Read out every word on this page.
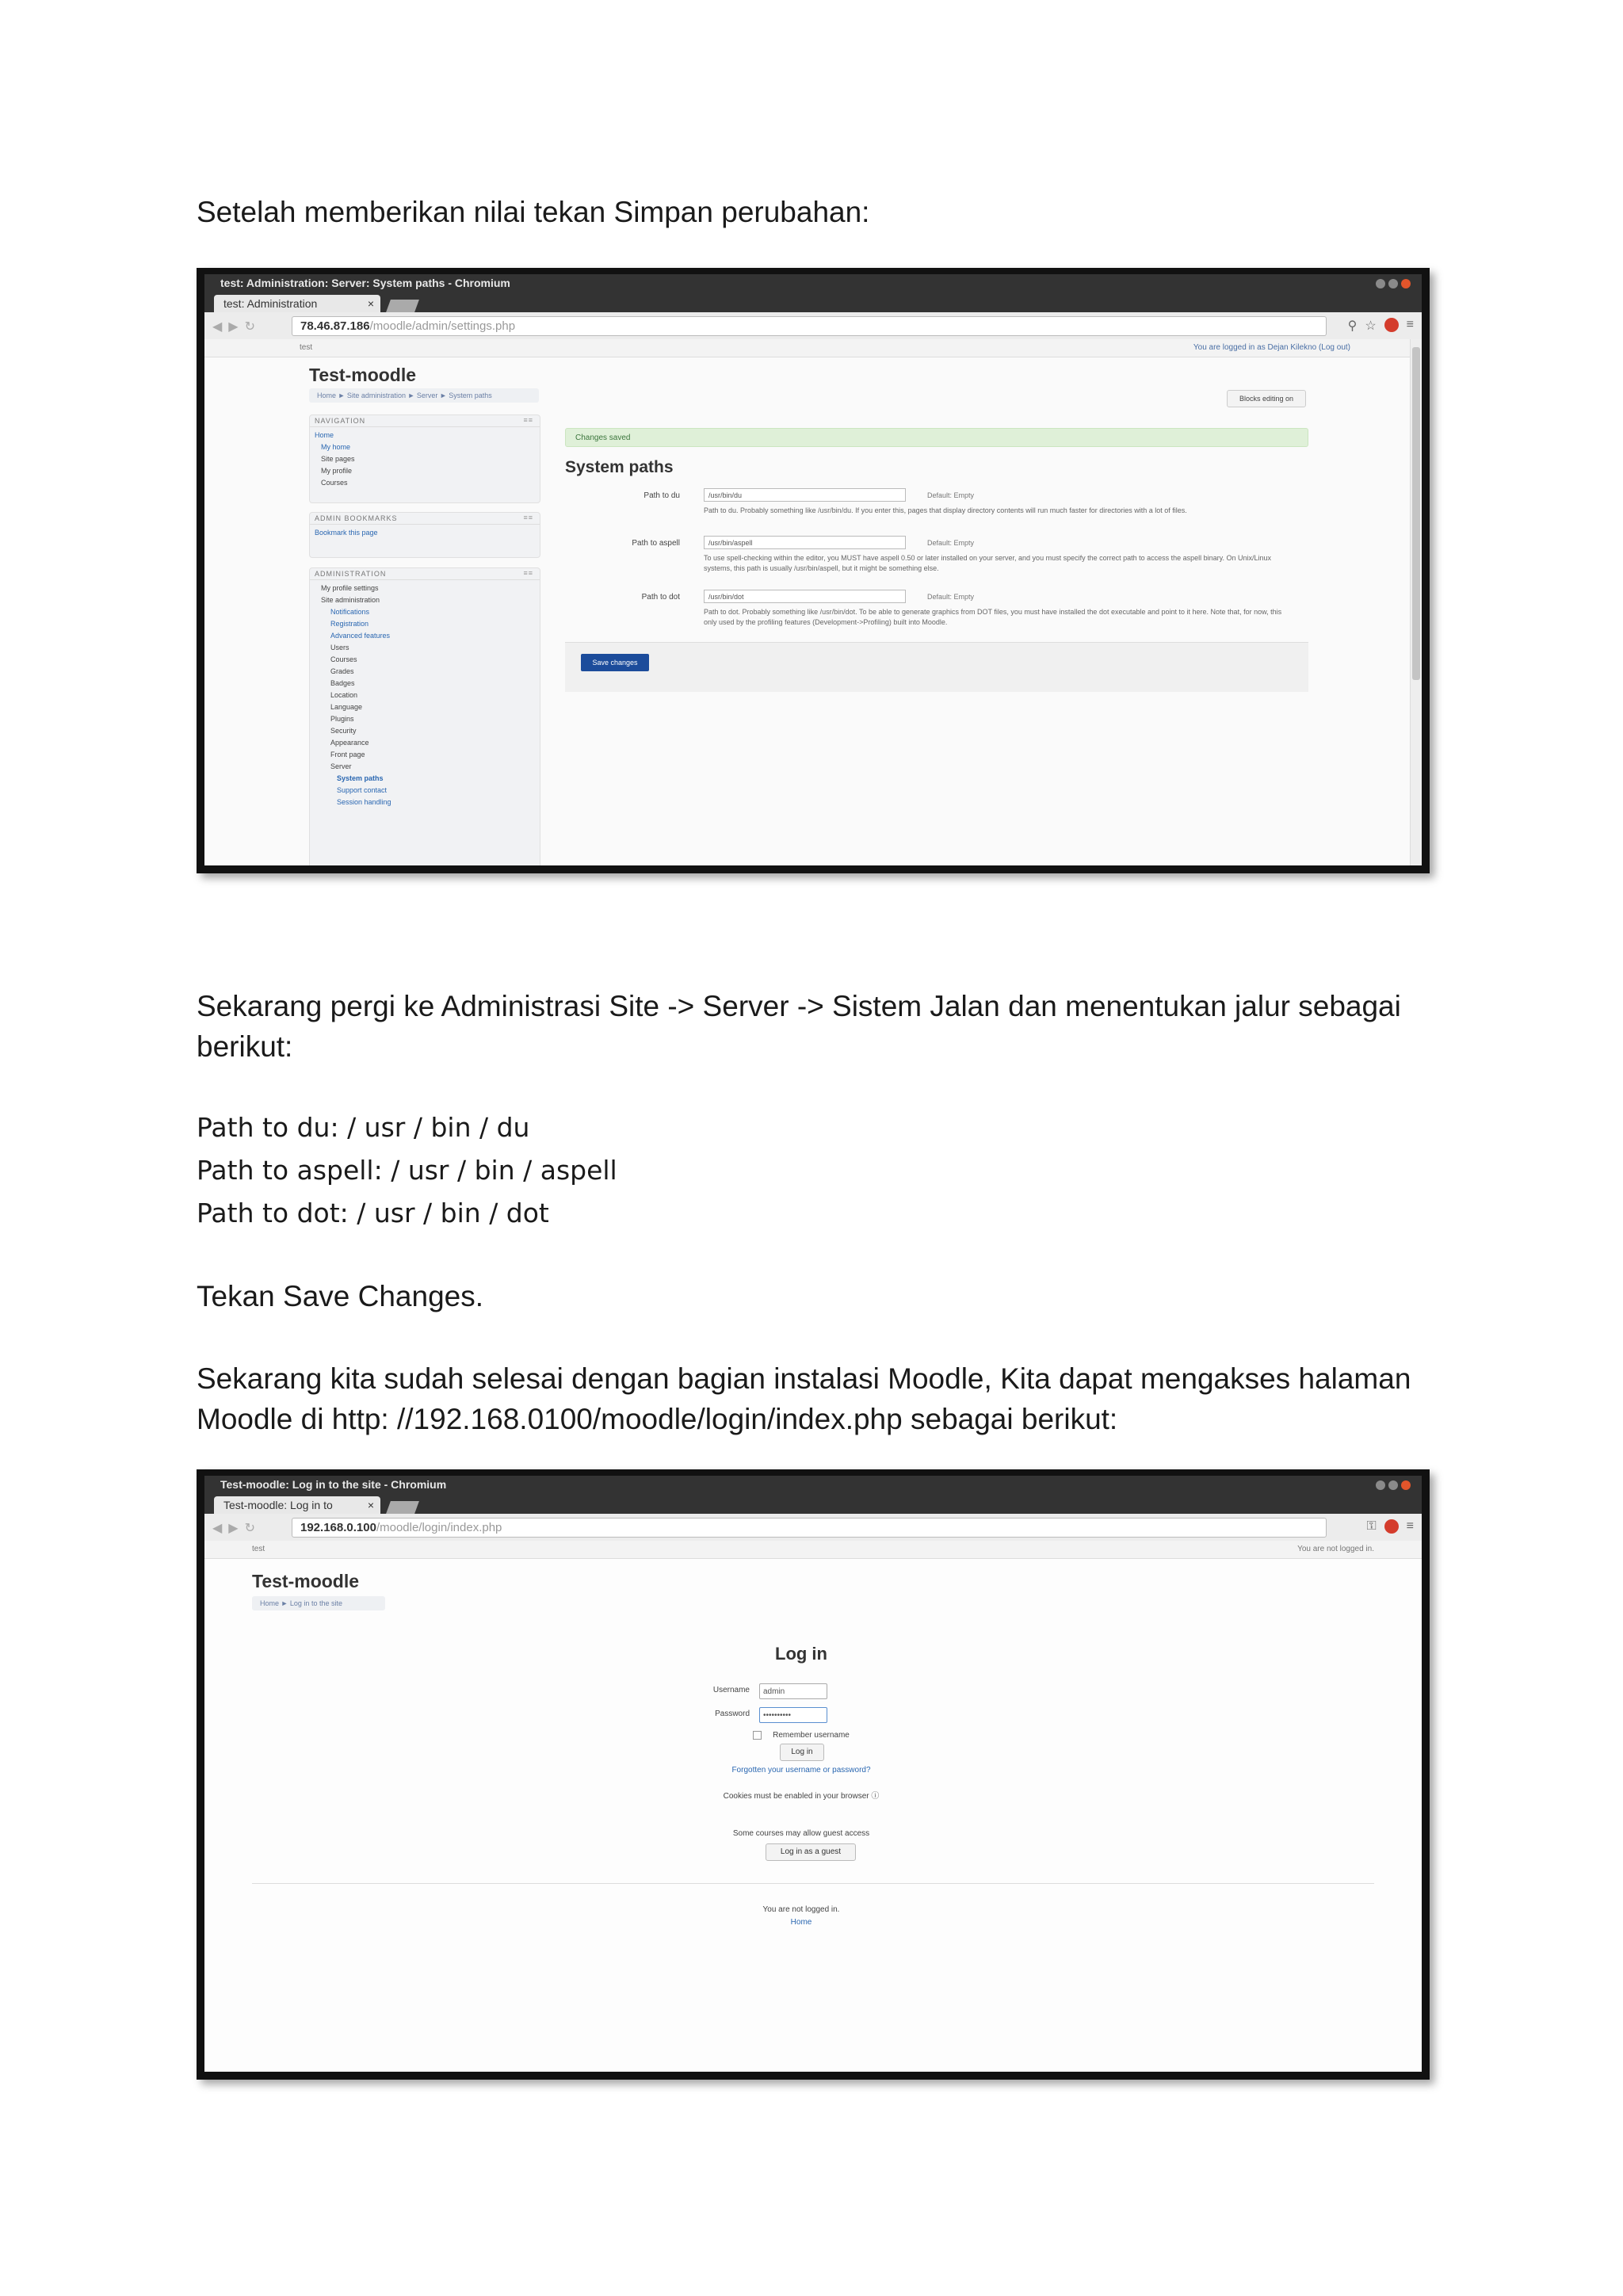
Setelah memberikan nilai tekan Simpan perubahan:
test: Administration: Server: System paths - Chromium
test: Administration	×
◀▶↻	78.46.87.186/moodle/admin/settings.php	⚲ ☆ ≡
test	You are logged in as Dejan Kilekno (Log out)
Test-moodle
Home ► Site administration ► Server ► System paths	Blocks editing on
NAVIGATION ≡≡
Home
My home
Site pages
My profile
Courses
ADMIN BOOKMARKS ≡≡
Bookmark this page
ADMINISTRATION ≡≡
My profile settings
Site administration
Notifications
Registration
Advanced features
Users
Courses
Grades
Badges
Location
Language
Plugins
Security
Appearance
Front page
Server
System paths
Support contact
Session handling
Changes saved
System paths
Path to du	/usr/bin/du	Default: Empty
Path to du. Probably something like /usr/bin/du. If you enter this, pages that display directory contents will run much faster for directories with a lot of files.
Path to aspell	/usr/bin/aspell	Default: Empty
To use spell-checking within the editor, you MUST have aspell 0.50 or later installed on your server, and you must specify the correct path to access the aspell binary. On Unix/Linux systems, this path is usually /usr/bin/aspell, but it might be something else.
Path to dot	/usr/bin/dot	Default: Empty
Path to dot. Probably something like /usr/bin/dot. To be able to generate graphics from DOT files, you must have installed the dot executable and point to it here. Note that, for now, this only used by the profiling features (Development->Profiling) built into Moodle.
Save changes
Sekarang pergi ke Administrasi Site -> Server -> Sistem Jalan dan menentukan jalur sebagai berikut:
Path to du: / usr / bin / du
Path to aspell: / usr / bin / aspell
Path to dot: / usr / bin / dot
Tekan Save Changes.
Sekarang kita sudah selesai dengan bagian instalasi Moodle, Kita dapat mengakses halaman Moodle di http: //192.168.0100/moodle/login/index.php sebagai berikut:
Test-moodle: Log in to the site - Chromium
Test-moodle: Log in to	×
◀▶↻	192.168.0.100/moodle/login/index.php	⚿ ≡
test	You are not logged in.
Test-moodle
Home ► Log in to the site
Log in
Username	admin
Password	••••••••••
Remember username
Log in
Forgotten your username or password?
Cookies must be enabled in your browser ⓘ
Some courses may allow guest access
Log in as a guest
You are not logged in.
Home
